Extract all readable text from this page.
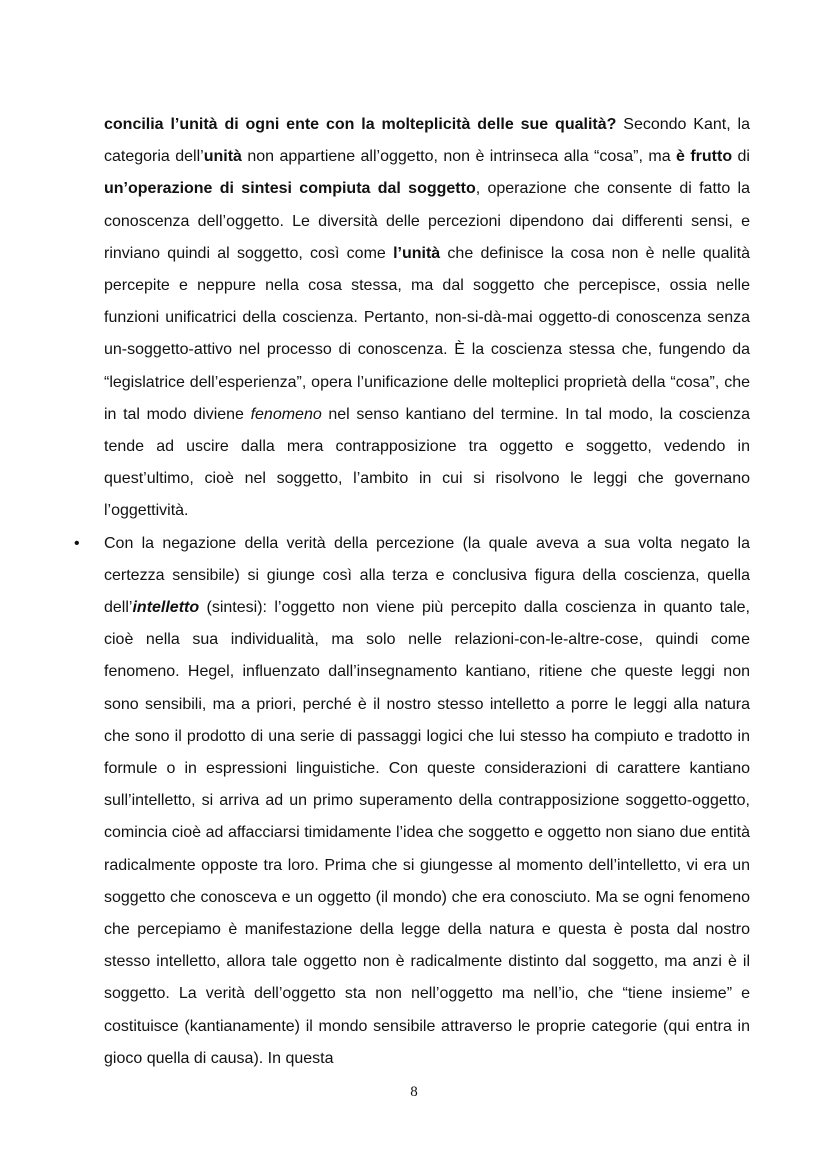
concilia l’unità di ogni ente con la molteplicità delle sue qualità? Secondo Kant, la categoria dell’unità non appartiene all’oggetto, non è intrinseca alla “cosa”, ma è frutto di un’operazione di sintesi compiuta dal soggetto, operazione che consente di fatto la conoscenza dell’oggetto. Le diversità delle percezioni dipendono dai differenti sensi, e rinviano quindi al soggetto, così come l’unità che definisce la cosa non è nelle qualità percepite e neppure nella cosa stessa, ma dal soggetto che percepisce, ossia nelle funzioni unificatrici della coscienza. Pertanto, non-si-dà-mai oggetto-di conoscenza senza un-soggetto-attivo nel processo di conoscenza. È la coscienza stessa che, fungendo da “legislatrice dell’esperienza”, opera l’unificazione delle molteplici proprietà della “cosa”, che in tal modo diviene fenomeno nel senso kantiano del termine. In tal modo, la coscienza tende ad uscire dalla mera contrapposizione tra oggetto e soggetto, vedendo in quest’ultimo, cioè nel soggetto, l’ambito in cui si risolvono le leggi che governano l’oggettività.

•	Con la negazione della verità della percezione (la quale aveva a sua volta negato la certezza sensibile) si giunge così alla terza e conclusiva figura della coscienza, quella dell’intelletto (sintesi): l’oggetto non viene più percepito dalla coscienza in quanto tale, cioè nella sua individualità, ma solo nelle relazioni-con-le-altre-cose, quindi come fenomeno. Hegel, influenzato dall’insegnamento kantiano, ritiene che queste leggi non sono sensibili, ma a priori, perché è il nostro stesso intelletto a porre le leggi alla natura che sono il prodotto di una serie di passaggi logici che lui stesso ha compiuto e tradotto in formule o in espressioni linguistiche. Con queste considerazioni di carattere kantiano sull’intelletto, si arriva ad un primo superamento della contrapposizione soggetto-oggetto, comincia cioè ad affacciarsi timidamente l’idea che soggetto e oggetto non siano due entità radicalmente opposte tra loro. Prima che si giungesse al momento dell’intelletto, vi era un soggetto che conosceva e un oggetto (il mondo) che era conosciuto. Ma se ogni fenomeno che percepiamo è manifestazione della legge della natura e questa è posta dal nostro stesso intelletto, allora tale oggetto non è radicalmente distinto dal soggetto, ma anzi è il soggetto. La verità dell’oggetto sta non nell’oggetto ma nell’io, che “tiene insieme” e costituisce (kantianamente) il mondo sensibile attraverso le proprie categorie (qui entra in gioco quella di causa). In questa

8
